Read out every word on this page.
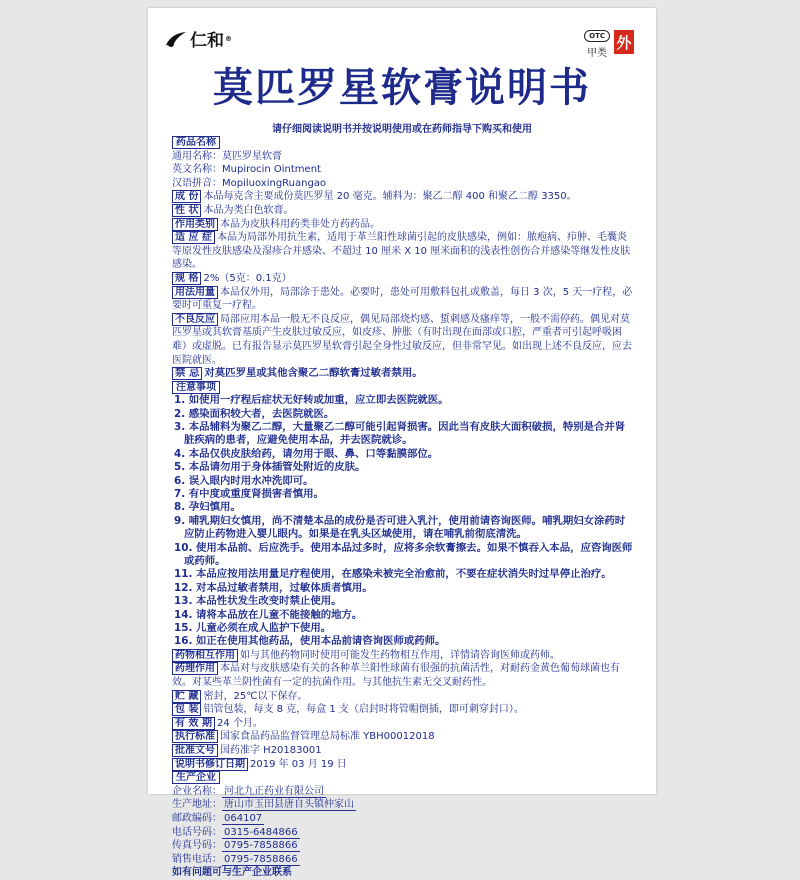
仁和 ®	OTC
甲类
外
莫匹罗星软膏说明书
请仔细阅读说明书并按说明使用或在药师指导下购买和使用
药品名称
通用名称：莫匹罗星软膏
英文名称：Mupirocin Ointment
汉语拼音：MopiluoxingRuangao
成 份 本品每克含主要成份莫匹罗星 20 毫克。辅料为：聚乙二醇 400 和聚乙二醇 3350。
性 状 本品为类白色软膏。
作用类别 本品为皮肤科用药类非处方药药品。
适 应 症 本品为局部外用抗生素，适用于革兰阳性球菌引起的皮肤感染，例如：脓疱病、疖肿、毛囊炎等原发性皮肤感染及湿疹合并感染、不超过 10 厘米 X 10 厘米面积的浅表性创伤合并感染等继发性皮肤感染。
规 格 2%（5克：0.1克）
用法用量 本品仅外用，局部涂于患处。必要时，患处可用敷料包扎或敷盖，每日 3 次，5 天一疗程，必要时可重复一疗程。
不良反应 局部应用本品一般无不良反应，偶见局部烧灼感、蜇刺感及瘙痒等，一般不需停药。偶见对莫匹罗星或其软膏基质产生皮肤过敏反应，如皮疹、肿胀（有时出现在面部或口腔，严重者可引起呼吸困难）或虚脱。已有报告显示莫匹罗星软膏引起全身性过敏反应，但非常罕见。如出现上述不良反应，应去医院就医。
禁 忌 对莫匹罗星或其他含聚乙二醇软膏过敏者禁用。
注意事项
1. 如使用一疗程后症状无好转或加重，应立即去医院就医。
2. 感染面积较大者，去医院就医。
3. 本品辅料为聚乙二醇，大量聚乙二醇可能引起肾损害。因此当有皮肤大面积破损，特别是合并肾脏疾病的患者，应避免使用本品，并去医院就诊。
4. 本品仅供皮肤给药，请勿用于眼、鼻、口等黏膜部位。
5. 本品请勿用于身体插管处附近的皮肤。
6. 误入眼内时用水冲洗即可。
7. 有中度或重度肾损害者慎用。
8. 孕妇慎用。
9. 哺乳期妇女慎用，尚不清楚本品的成份是否可进入乳汁，使用前请咨询医师。哺乳期妇女涂药时应防止药物进入婴儿眼内。如果是在乳头区域使用，请在哺乳前彻底清洗。
10. 使用本品前、后应洗手。使用本品过多时，应将多余软膏擦去。如果不慎吞入本品，应咨询医师或药师。
11. 本品应按用法用量足疗程使用，在感染未被完全治愈前，不要在症状消失时过早停止治疗。
12. 对本品过敏者禁用，过敏体质者慎用。
13. 本品性状发生改变时禁止使用。
14. 请将本品放在儿童不能接触的地方。
15. 儿童必须在成人监护下使用。
16. 如正在使用其他药品，使用本品前请咨询医师或药师。
药物相互作用 如与其他药物同时使用可能发生药物相互作用，详情请咨询医师或药师。
药理作用 本品对与皮肤感染有关的各种革兰阳性球菌有很强的抗菌活性，对耐药金黄色葡萄球菌也有效。对某些革兰阴性菌有一定的抗菌作用。与其他抗生素无交叉耐药性。
贮 藏 密封，25℃以下保存。
包 装 铝管包装，每支 8 克，每盒 1 支（启封时将管帽倒插，即可刺穿封口）。
有 效 期 24 个月。
执行标准 国家食品药品监督管理总局标准 YBH00012018
批准文号 国药准字 H20183001
说明书修订日期 2019 年 03 月 19 日
生产企业
企业名称： 河北九正药业有限公司
生产地址： 唐山市玉田县唐自头镇仲家山
邮政编码： 064107
电话号码： 0315-6484866
传真号码： 0795-7858866
销售电话： 0795-7858866
如有问题可与生产企业联系
